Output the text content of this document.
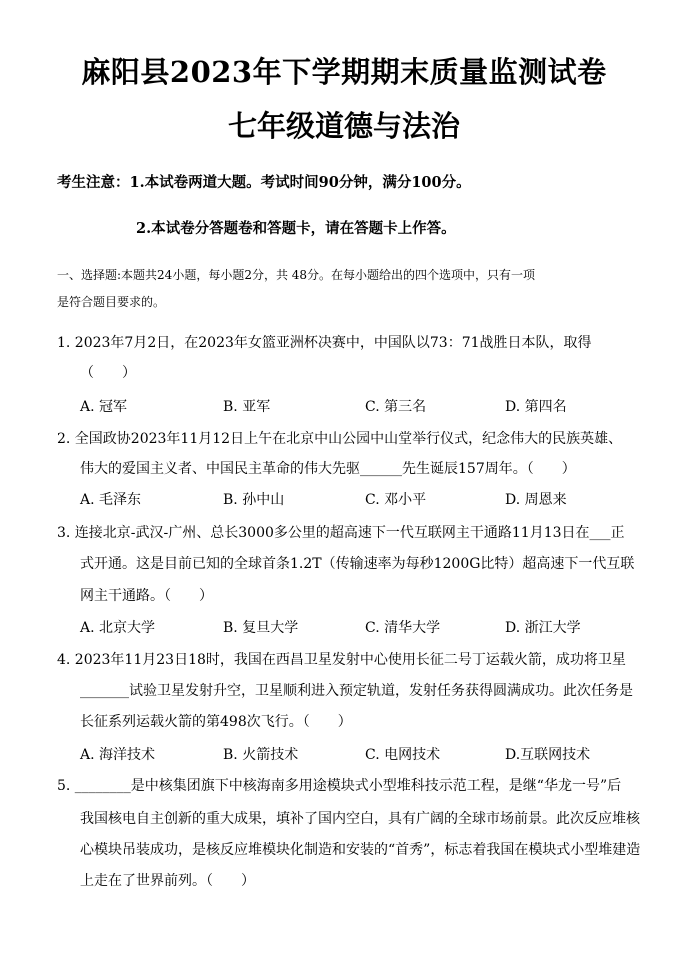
麻阳县2023年下学期期末质量监测试卷
七年级道德与法治
考生注意：1.本试卷两道大题。考试时间90分钟，满分100分。
2.本试卷分答题卷和答题卡，请在答题卡上作答。
一、选择题:本题共24小题，每小题2分，共 48分。在每小题给出的四个选项中，只有一项
是符合题目要求的。
1. 2023年7月2日，在2023年女篮亚洲杯决赛中，中国队以73：71战胜日本队，取得
（　　）
A. 冠军	B. 亚军	C. 第三名	D. 第四名
2. 全国政协2023年11月12日上午在北京中山公园中山堂举行仪式，纪念伟大的民族英雄、
伟大的爱国主义者、中国民主革命的伟大先驱______先生诞辰157周年。（　　）
A. 毛泽东	B. 孙中山	C. 邓小平	D. 周恩来
3. 连接北京-武汉-广州、总长3000多公里的超高速下一代互联网主干通路11月13日在___正
式开通。这是目前已知的全球首条1.2T（传输速率为每秒1200G比特）超高速下一代互联
网主干通路。（　　）
A. 北京大学	B. 复旦大学	C. 清华大学	D. 浙江大学
4. 2023年11月23日18时，我国在西昌卫星发射中心使用长征二号丁运载火箭，成功将卫星
_______试验卫星发射升空，卫星顺利进入预定轨道，发射任务获得圆满成功。此次任务是
长征系列运载火箭的第498次飞行。（　　）
A. 海洋技术	B. 火箭技术	C. 电网技术	D.互联网技术
5. ________是中核集团旗下中核海南多用途模块式小型堆科技示范工程，是继“华龙一号”后
我国核电自主创新的重大成果，填补了国内空白，具有广阔的全球市场前景。此次反应堆核
心模块吊装成功，是核反应堆模块化制造和安装的“首秀”，标志着我国在模块式小型堆建造
上走在了世界前列。（　　）
